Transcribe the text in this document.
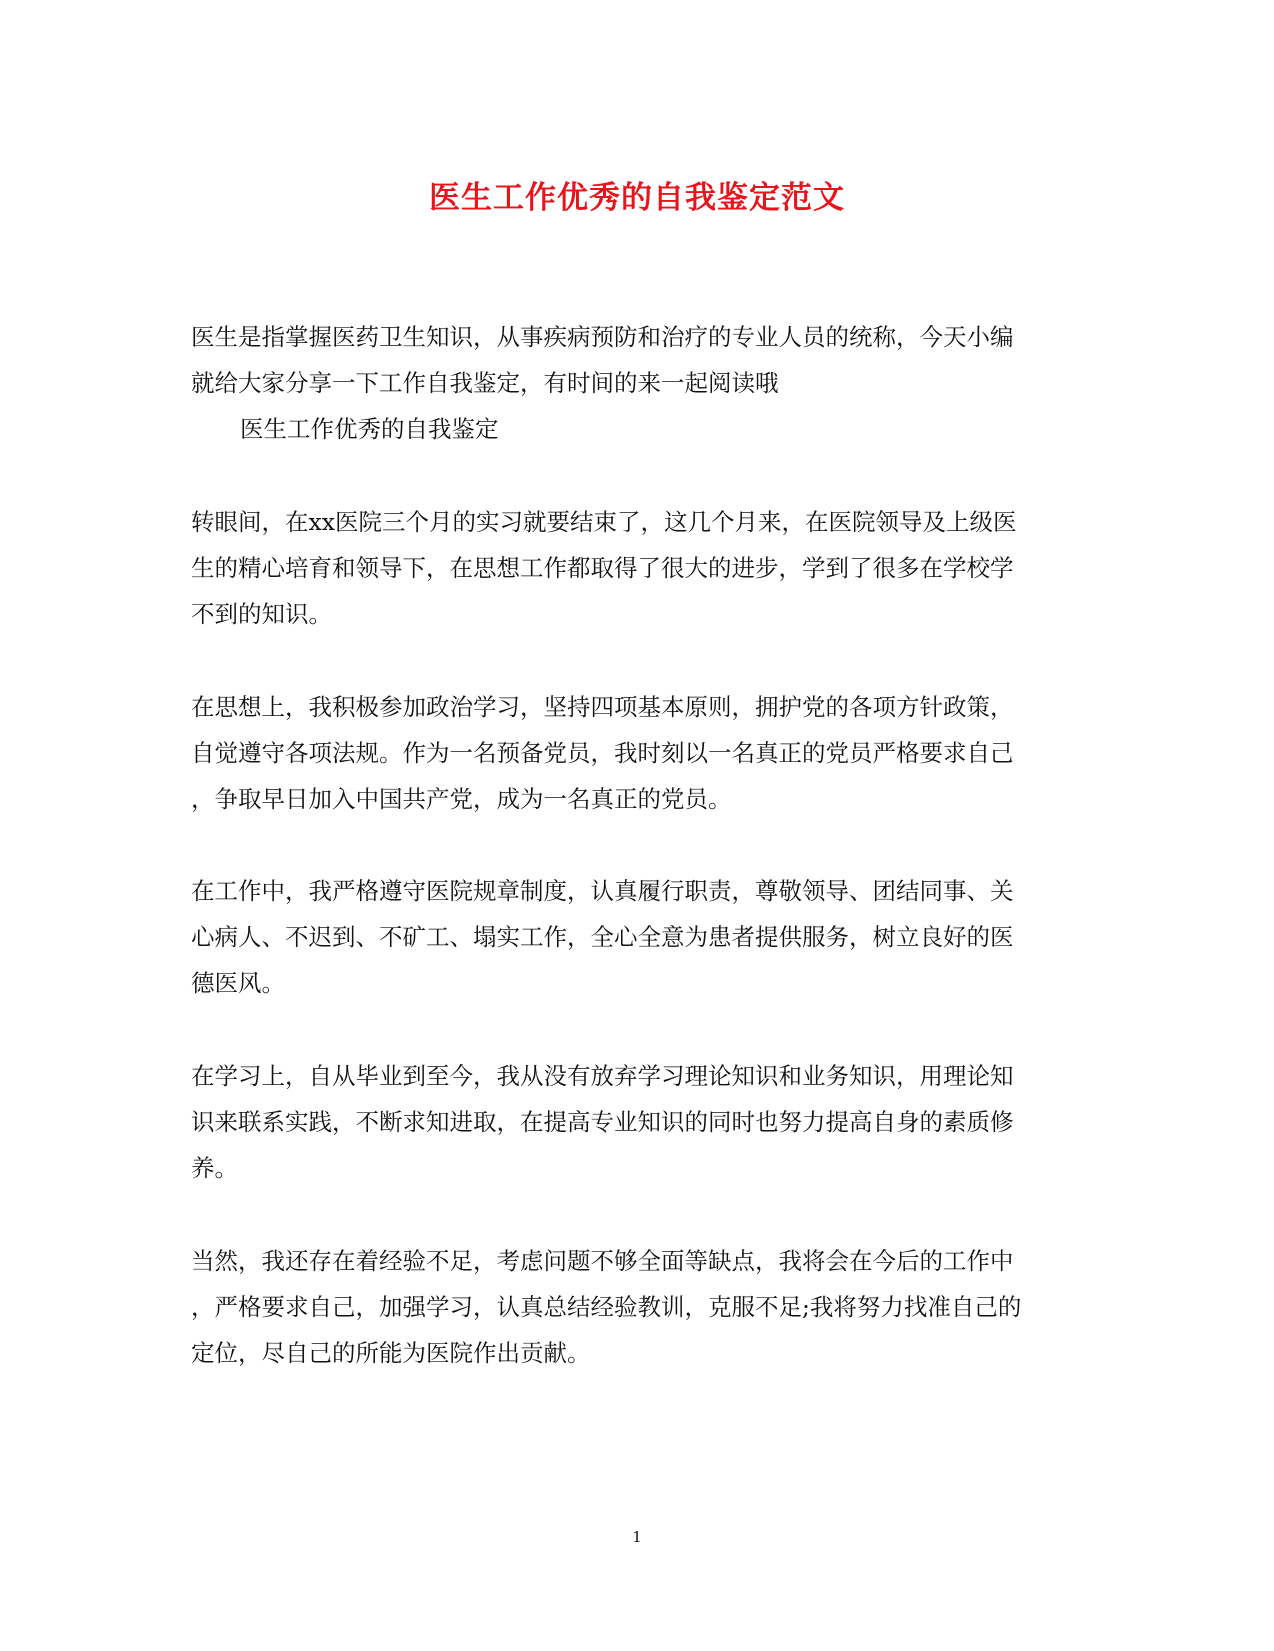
医生工作优秀的自我鉴定范文
医生是指掌握医药卫生知识，从事疾病预防和治疗的专业人员的统称，今天小编
就给大家分享一下工作自我鉴定，有时间的来一起阅读哦
医生工作优秀的自我鉴定
转眼间，在xx医院三个月的实习就要结束了，这几个月来，在医院领导及上级医
生的精心培育和领导下，在思想工作都取得了很大的进步，学到了很多在学校学
不到的知识。
在思想上，我积极参加政治学习，坚持四项基本原则，拥护党的各项方针政策，
自觉遵守各项法规。作为一名预备党员，我时刻以一名真正的党员严格要求自己
，争取早日加入中国共产党，成为一名真正的党员。
在工作中，我严格遵守医院规章制度，认真履行职责，尊敬领导、团结同事、关
心病人、不迟到、不矿工、塌实工作，全心全意为患者提供服务，树立良好的医
德医风。
在学习上，自从毕业到至今，我从没有放弃学习理论知识和业务知识，用理论知
识来联系实践，不断求知进取，在提高专业知识的同时也努力提高自身的素质修
养。
当然，我还存在着经验不足，考虑问题不够全面等缺点，我将会在今后的工作中
，严格要求自己，加强学习，认真总结经验教训，克服不足;我将努力找准自己的
定位，尽自己的所能为医院作出贡献。
1
